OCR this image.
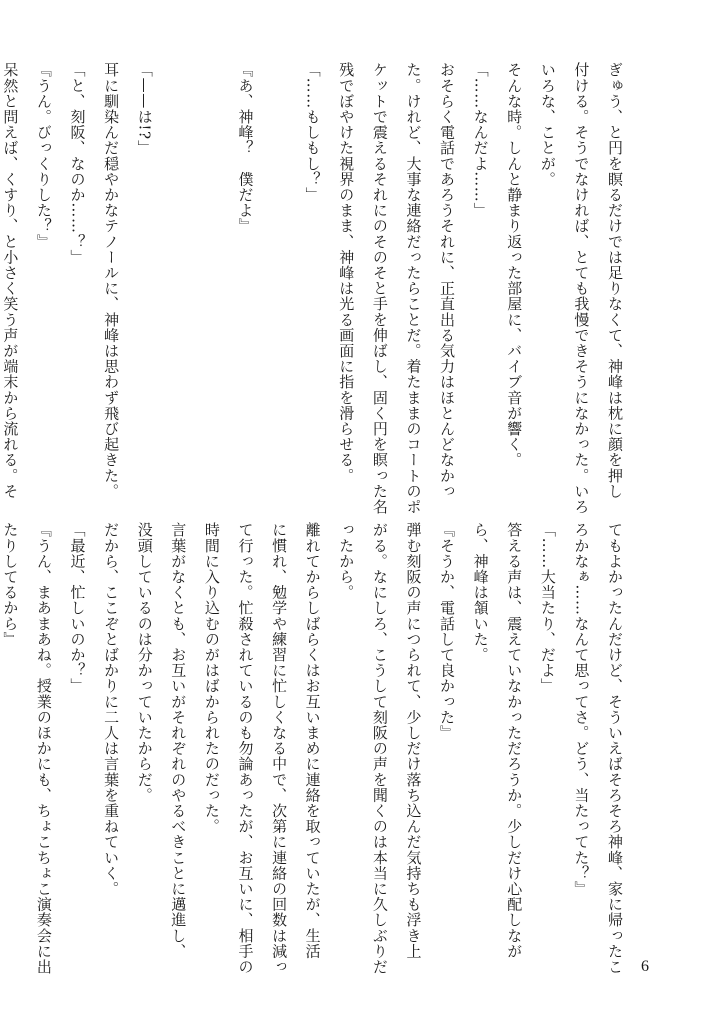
ぎゅう、と円を瞑るだけでは足りなくて、神峰は枕に顔を押し

付ける。そうでなければ、とても我慢できそうになかった。いろ

いろな、ことが。

そんな時。しんと静まり返った部屋に、バイブ音が響く。

「……なんだよ……」

おそらく電話であろうそれに、正直出る気力はほとんどなかっ

た。けれど、大事な連絡だったらことだ。着たままのコートのポ

ケットで震えるそれにのそのそと手を伸ばし、固く円を瞑った名

残でぼやけた視界のまま、神峰は光る画面に指を滑らせる。

「……もしもし？」

『あ、神峰？　僕だよ』

「——は!?」

耳に馴染んだ穏やかなテノールに、神峰は思わず飛び起きた。

「と、刻阪、なのか……？」

『うん。びっくりした？』

呆然と問えば、くすり、と小さく笑う声が端末から流れる。そ

てもよかったんだけど、そういえばそろそろ神峰、家に帰ったこ

ろかなぁ……なんて思ってさ。どう、当たってた？』

「……大当たり、だよ」

答える声は、震えていなかっただろうか。少しだけ心配しなが

ら、神峰は頷いた。

『そうか、電話して良かった』

弾む刻阪の声につられて、少しだけ落ち込んだ気持ちも浮き上

がる。なにしろ、こうして刻阪の声を聞くのは本当に久しぶりだ

ったから。

離れてからしばらくはお互いまめに連絡を取っていたが、生活

に慣れ、勉学や練習に忙しくなる中で、次第に連絡の回数は減っ

て行った。忙殺されているのも勿論あったが、お互いに、相手の

時間に入り込むのがはばかられたのだった。

言葉がなくとも、お互いがそれぞれのやるべきことに邁進し、

没頭しているのは分かっていたからだ。

だから、ここぞとばかりに二人は言葉を重ねていく。

「最近、忙しいのか？」

『うん、まあまあね。授業のほかにも、ちょこちょこ演奏会に出

たりしてるから』

6
